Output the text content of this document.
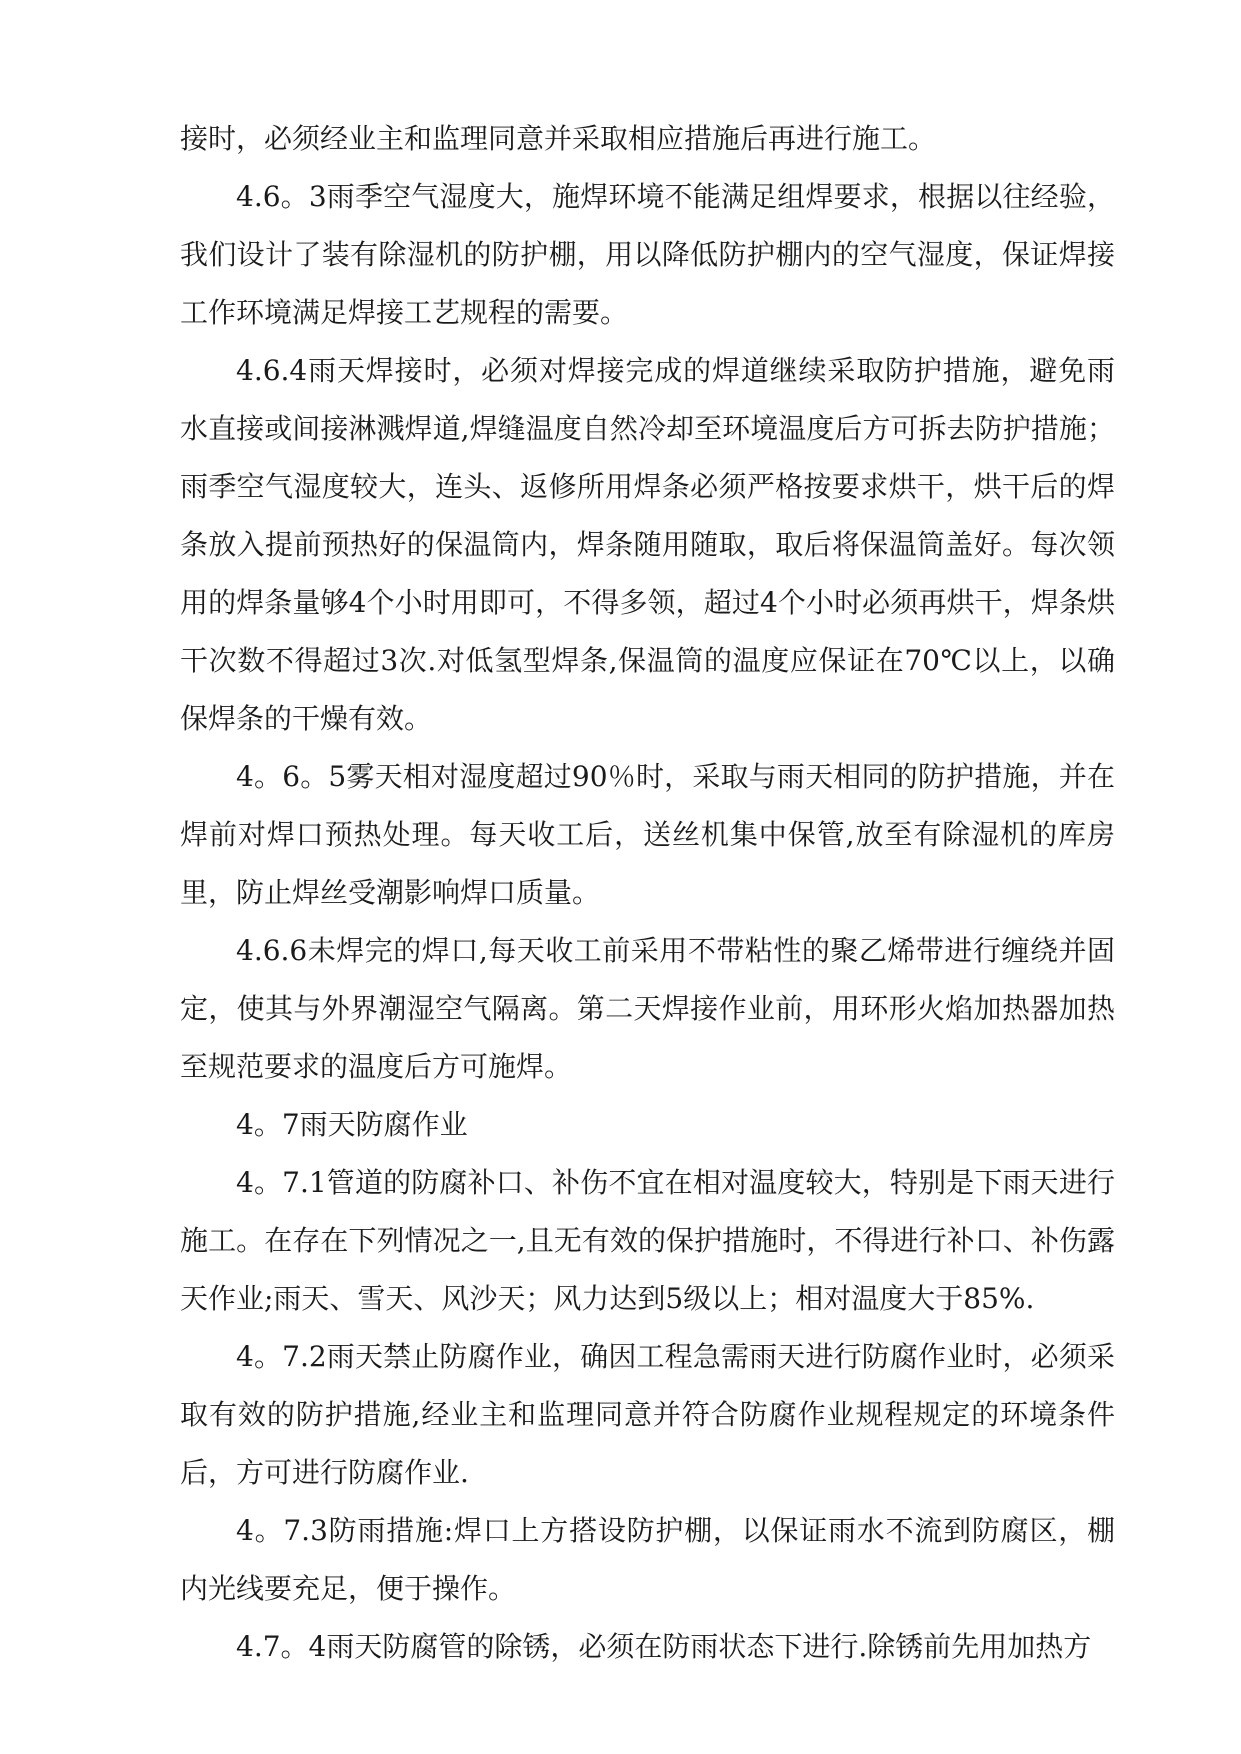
接时，必须经业主和监理同意并采取相应措施后再进行施工。

4.6。3雨季空气湿度大，施焊环境不能满足组焊要求，根据以往经验，我们设计了装有除湿机的防护棚，用以降低防护棚内的空气湿度，保证焊接工作环境满足焊接工艺规程的需要。

4.6.4雨天焊接时，必须对焊接完成的焊道继续采取防护措施，避免雨水直接或间接淋溅焊道,焊缝温度自然冷却至环境温度后方可拆去防护措施；雨季空气湿度较大，连头、返修所用焊条必须严格按要求烘干，烘干后的焊条放入提前预热好的保温筒内，焊条随用随取，取后将保温筒盖好。每次领用的焊条量够4个小时用即可，不得多领，超过4个小时必须再烘干，焊条烘干次数不得超过3次.对低氢型焊条,保温筒的温度应保证在70℃以上，以确保焊条的干燥有效。

4。6。5雾天相对湿度超过90％时，采取与雨天相同的防护措施，并在焊前对焊口预热处理。每天收工后，送丝机集中保管,放至有除湿机的库房里，防止焊丝受潮影响焊口质量。

4.6.6未焊完的焊口,每天收工前采用不带粘性的聚乙烯带进行缠绕并固定，使其与外界潮湿空气隔离。第二天焊接作业前，用环形火焰加热器加热至规范要求的温度后方可施焊。

4。7雨天防腐作业

4。7.1管道的防腐补口、补伤不宜在相对温度较大，特别是下雨天进行施工。在存在下列情况之一,且无有效的保护措施时，不得进行补口、补伤露天作业;雨天、雪天、风沙天；风力达到5级以上；相对温度大于85%.

4。7.2雨天禁止防腐作业，确因工程急需雨天进行防腐作业时，必须采取有效的防护措施,经业主和监理同意并符合防腐作业规程规定的环境条件后，方可进行防腐作业.

4。7.3防雨措施:焊口上方搭设防护棚，以保证雨水不流到防腐区，棚内光线要充足，便于操作。

4.7。4雨天防腐管的除锈，必须在防雨状态下进行.除锈前先用加热方
